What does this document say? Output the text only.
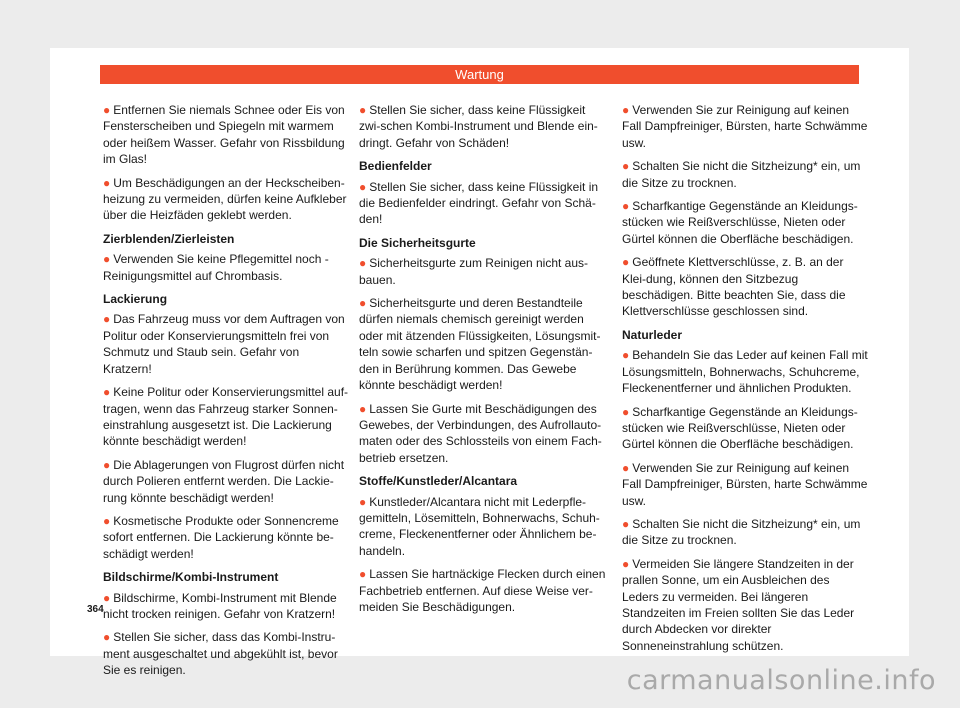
Wartung

● Entfernen Sie niemals Schnee oder Eis von Fensterscheiben und Spiegeln mit warmem oder heißem Wasser. Gefahr von Rissbildung im Glas!

● Um Beschädigungen an der Heckscheiben-heizung zu vermeiden, dürfen keine Aufkleber über die Heizfäden geklebt werden.

Zierblenden/Zierleisten

● Verwenden Sie keine Pflegemittel noch - Reinigungsmittel auf Chrombasis.

Lackierung

● Das Fahrzeug muss vor dem Auftragen von Politur oder Konservierungsmitteln frei von Schmutz und Staub sein. Gefahr von Kratzern!

● Keine Politur oder Konservierungsmittel auf-tragen, wenn das Fahrzeug starker Sonnen-einstrahlung ausgesetzt ist. Die Lackierung könnte beschädigt werden!

● Die Ablagerungen von Flugrost dürfen nicht durch Polieren entfernt werden. Die Lackie-rung könnte beschädigt werden!

● Kosmetische Produkte oder Sonnencreme sofort entfernen. Die Lackierung könnte be-schädigt werden!

Bildschirme/Kombi-Instrument

● Bildschirme, Kombi-Instrument mit Blende nicht trocken reinigen. Gefahr von Kratzern!

● Stellen Sie sicher, dass das Kombi-Instru-ment ausgeschaltet und abgekühlt ist, bevor Sie es reinigen.

● Stellen Sie sicher, dass keine Flüssigkeit zwi-schen Kombi-Instrument und Blende ein-dringt. Gefahr von Schäden!

Bedienfelder

● Stellen Sie sicher, dass keine Flüssigkeit in die Bedienfelder eindringt. Gefahr von Schä-den!

Die Sicherheitsgurte

● Sicherheitsgurte zum Reinigen nicht aus-bauen.

● Sicherheitsgurte und deren Bestandteile dürfen niemals chemisch gereinigt werden oder mit ätzenden Flüssigkeiten, Lösungsmit-teln sowie scharfen und spitzen Gegenstän-den in Berührung kommen. Das Gewebe könnte beschädigt werden!

● Lassen Sie Gurte mit Beschädigungen des Gewebes, der Verbindungen, des Aufrollauto-maten oder des Schlossteils von einem Fach-betrieb ersetzen.

Stoffe/Kunstleder/Alcantara

● Kunstleder/Alcantara nicht mit Lederpfle-gemitteln, Lösemitteln, Bohnerwachs, Schuh-creme, Fleckenentferner oder Ähnlichem be-handeln.

● Lassen Sie hartnäckige Flecken durch einen Fachbetrieb entfernen. Auf diese Weise ver-meiden Sie Beschädigungen.

● Verwenden Sie zur Reinigung auf keinen Fall Dampfreiniger, Bürsten, harte Schwämme usw.

● Schalten Sie nicht die Sitzheizung* ein, um die Sitze zu trocknen.

● Scharfkantige Gegenstände an Kleidungs-stücken wie Reißverschlüsse, Nieten oder Gürtel können die Oberfläche beschädigen.

● Geöffnete Klettverschlüsse, z. B. an der Klei-dung, können den Sitzbezug beschädigen. Bitte beachten Sie, dass die Klettverschlüsse geschlossen sind.

Naturleder

● Behandeln Sie das Leder auf keinen Fall mit Lösungsmitteln, Bohnerwachs, Schuhcreme, Fleckenentferner und ähnlichen Produkten.

● Scharfkantige Gegenstände an Kleidungs-stücken wie Reißverschlüsse, Nieten oder Gürtel können die Oberfläche beschädigen.

● Verwenden Sie zur Reinigung auf keinen Fall Dampfreiniger, Bürsten, harte Schwämme usw.

● Schalten Sie nicht die Sitzheizung* ein, um die Sitze zu trocknen.

● Vermeiden Sie längere Standzeiten in der prallen Sonne, um ein Ausbleichen des Leders zu vermeiden. Bei längeren Standzeiten im Freien sollten Sie das Leder durch Abdecken vor direkter Sonneneinstrahlung schützen.

364
carmanualsonline.info
